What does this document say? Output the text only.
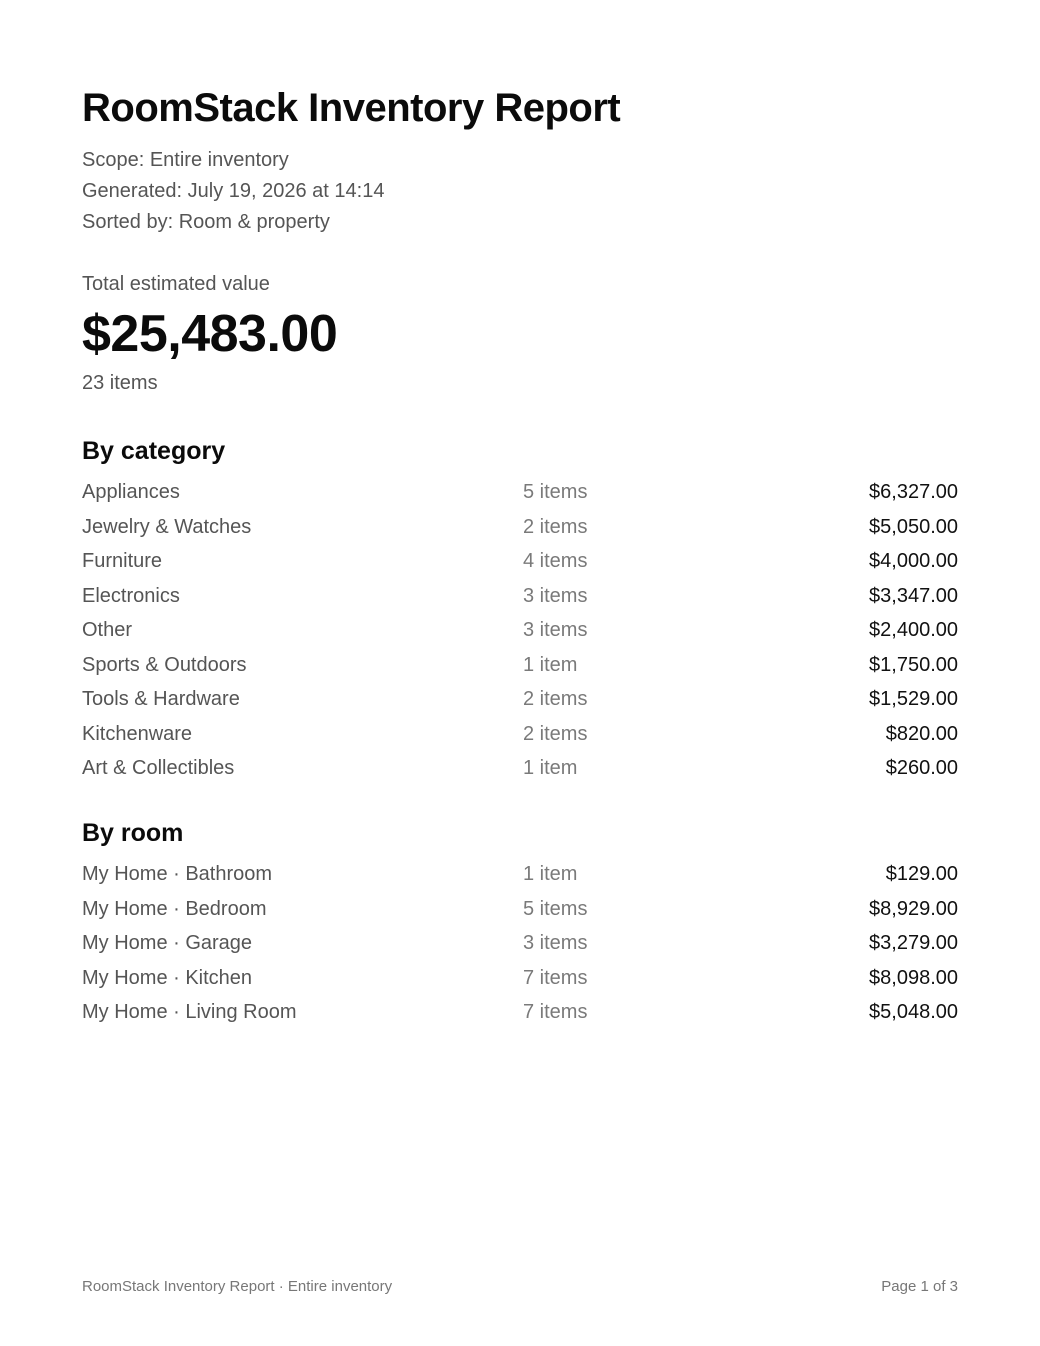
RoomStack Inventory Report
Scope: Entire inventory
Generated: July 19, 2026 at 14:14
Sorted by: Room & property
Total estimated value
$25,483.00
23 items
By category
Appliances	5 items	$6,327.00
Jewelry & Watches	2 items	$5,050.00
Furniture	4 items	$4,000.00
Electronics	3 items	$3,347.00
Other	3 items	$2,400.00
Sports & Outdoors	1 item	$1,750.00
Tools & Hardware	2 items	$1,529.00
Kitchenware	2 items	$820.00
Art & Collectibles	1 item	$260.00
By room
My Home · Bathroom	1 item	$129.00
My Home · Bedroom	5 items	$8,929.00
My Home · Garage	3 items	$3,279.00
My Home · Kitchen	7 items	$8,098.00
My Home · Living Room	7 items	$5,048.00
RoomStack Inventory Report · Entire inventory	Page 1 of 3
